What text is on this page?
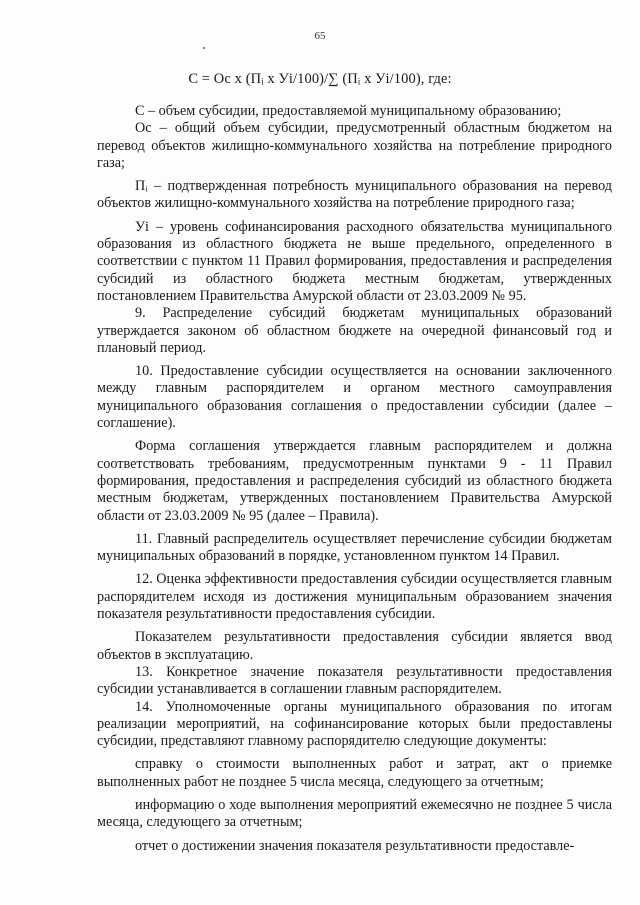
65
С = Ос х (Пᵢ х Уі/100)/∑ (Пᵢ х Уі/100), где:

С – объем субсидии, предоставляемой муниципальному образованию;

Ос – общий объем субсидии, предусмотренный областным бюджетом на перевод объектов жилищно-коммунального хозяйства на потребление природного газа;

Пᵢ – подтвержденная потребность муниципального образования на перевод объектов жилищно-коммунального хозяйства на потребление природного газа;

Уі – уровень софинансирования расходного обязательства муниципального образования из областного бюджета не выше предельного, определенного в соответствии с пунктом 11 Правил формирования, предоставления и распределения субсидий из областного бюджета местным бюджетам, утвержденных постановлением Правительства Амурской области от 23.03.2009 № 95.

9. Распределение субсидий бюджетам муниципальных образований утверждается законом об областном бюджете на очередной финансовый год и плановый период.

10. Предоставление субсидии осуществляется на основании заключенного между главным распорядителем и органом местного самоуправления муниципального образования соглашения о предоставлении субсидии (далее – соглашение).

Форма соглашения утверждается главным распорядителем и должна соответствовать требованиям, предусмотренным пунктами 9 - 11 Правил формирования, предоставления и распределения субсидий из областного бюджета местным бюджетам, утвержденных постановлением Правительства Амурской области от 23.03.2009 № 95 (далее – Правила).

11. Главный распределитель осуществляет перечисление субсидии бюджетам муниципальных образований в порядке, установленном пунктом 14 Правил.

12. Оценка эффективности предоставления субсидии осуществляется главным распорядителем исходя из достижения муниципальным образованием значения показателя результативности предоставления субсидии.

Показателем результативности предоставления субсидии является ввод объектов в эксплуатацию.

13. Конкретное значение показателя результативности предоставления субсидии устанавливается в соглашении главным распорядителем.

14. Уполномоченные органы муниципального образования по итогам реализации мероприятий, на софинансирование которых были предоставлены субсидии, представляют главному распорядителю следующие документы:

справку о стоимости выполненных работ и затрат, акт о приемке выполненных работ не позднее 5 числа месяца, следующего за отчетным;

информацию о ходе выполнения мероприятий ежемесячно не позднее 5 числа месяца, следующего за отчетным;

отчет о достижении значения показателя результативности предоставле-
